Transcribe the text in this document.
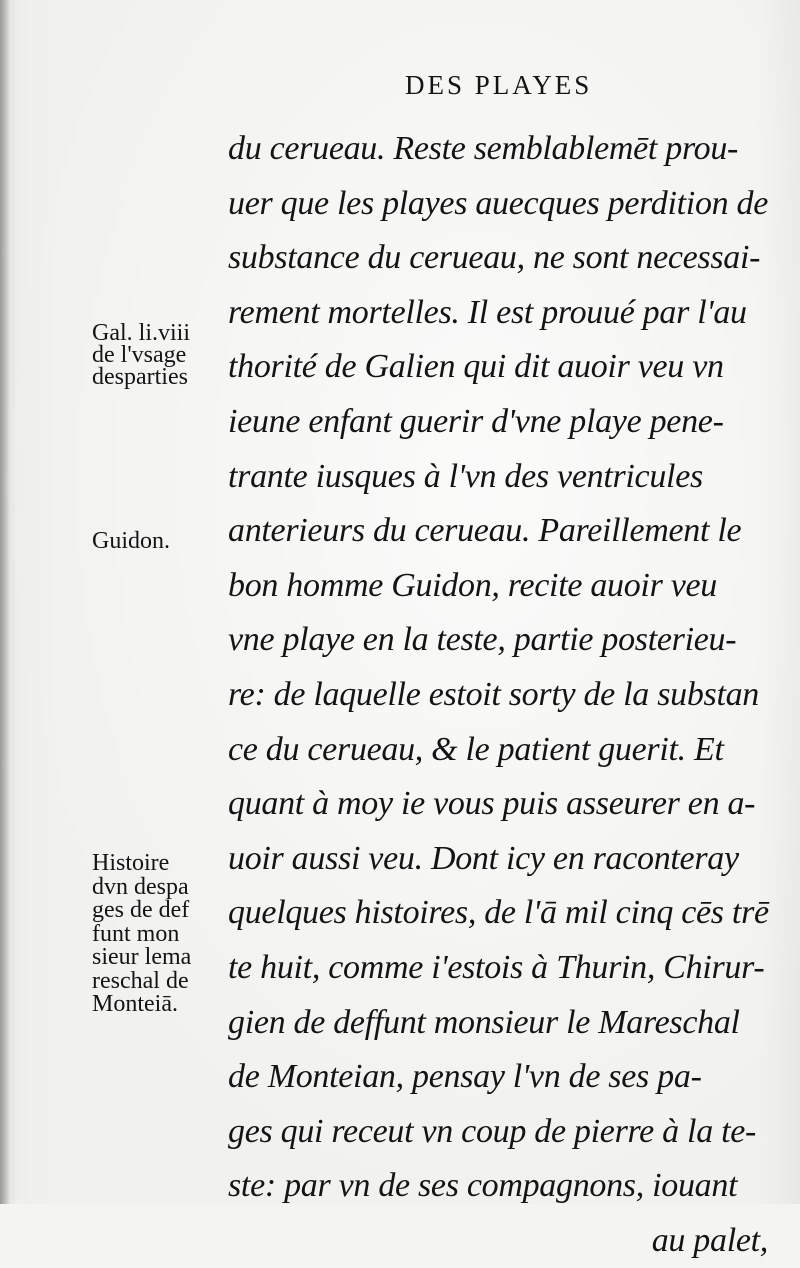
DES PLAYES
du cerueau. Reste semblablemēt prou-
uer que les playes auecques perdition de
substance du cerueau, ne sont necessai-
rement mortelles. Il est prouué par l'au
thorité de Galien qui dit auoir veu vn
ieune enfant guerir d'vne playe pene-
trante iusques à l'vn des ventricules
anterieurs du cerueau. Pareillement le
bon homme Guidon, recite auoir veu
vne playe en la teste, partie posterieu-
re: de laquelle estoit sorty de la substan
ce du cerueau, & le patient guerit. Et
quant à moy ie vous puis asseurer en a-
uoir aussi veu. Dont icy en raconteray
quelques histoires, de l'ā mil cinq cēs trē
te huit, comme i'estois à Thurin, Chirur-
gien de deffunt monsieur le Mareschal
de Monteian, pensay l'vn de ses pa-
ges qui receut vn coup de pierre à la te-
ste: par vn de ses compagnons, iouant
au palet,
Gal. li.viii
de l'vsage
desparties
Guidon.
Histoire
dvn despa
ges de def
funt mon
sieur lema
reschal de
Monteiā.
